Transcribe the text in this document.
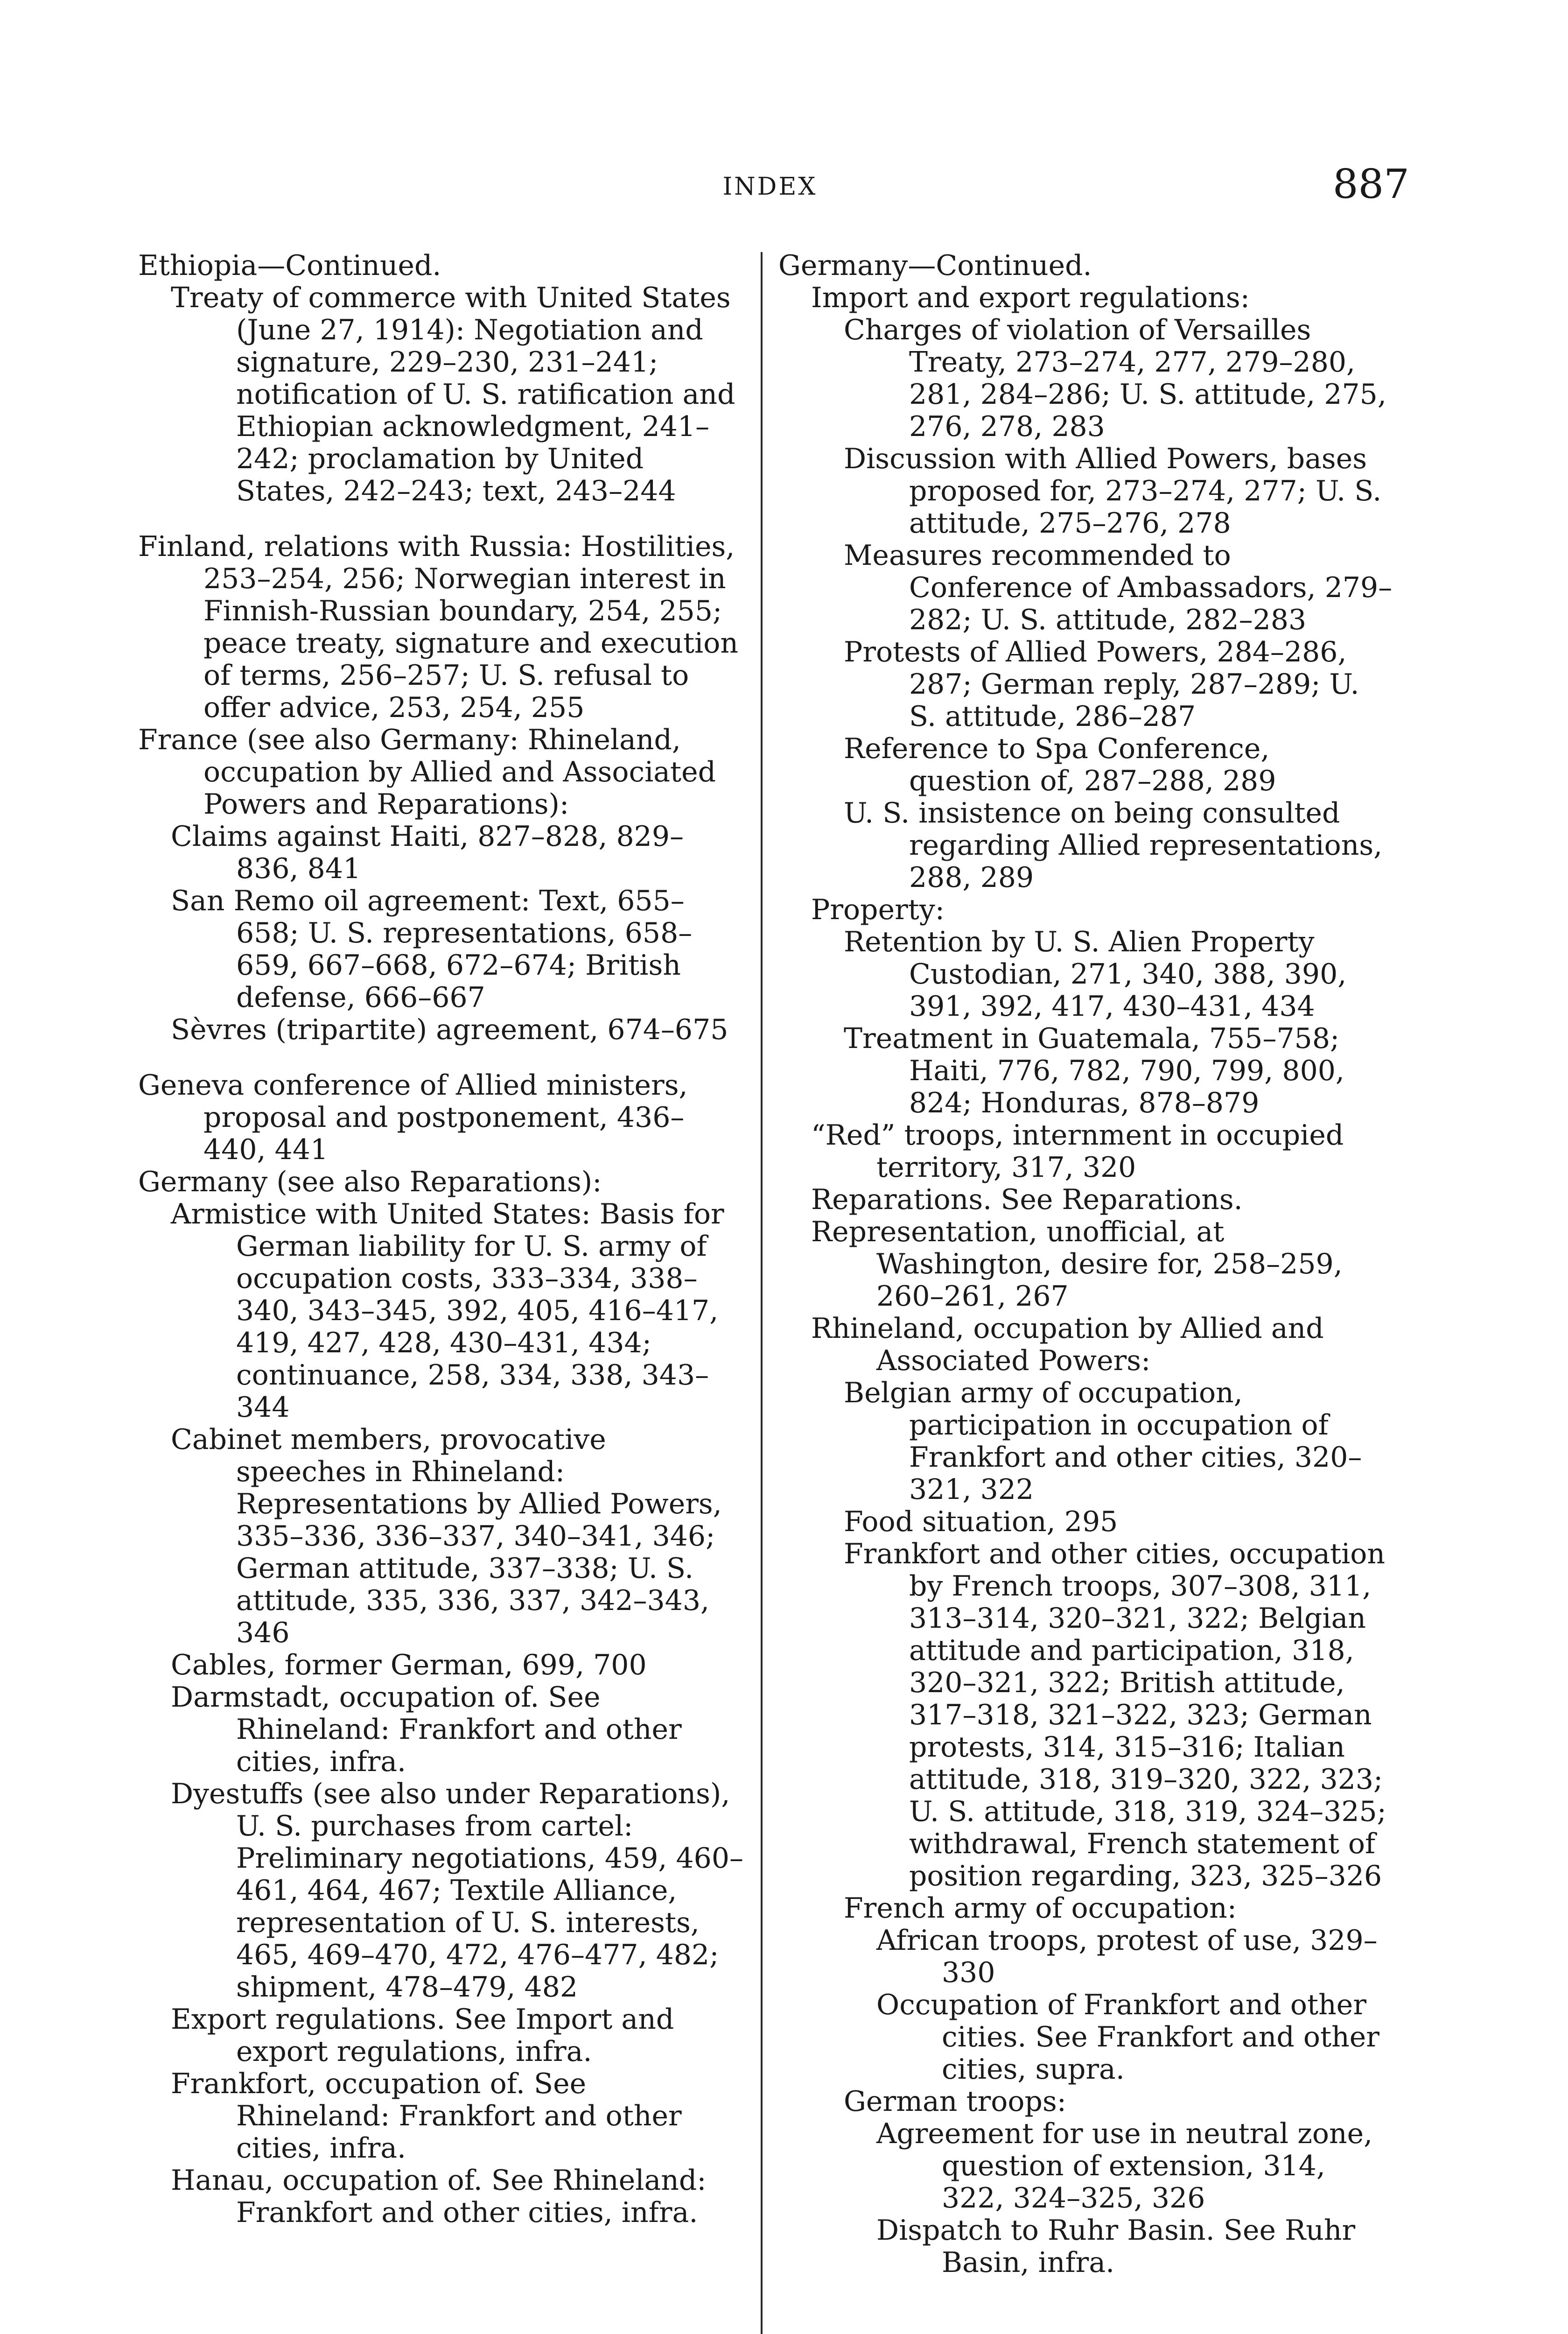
INDEX	887

Ethiopia—Continued.

Treaty of commerce with United States (June 27, 1914): Negotiation and signature, 229–230, 231–241; notification of U. S. ratification and Ethiopian acknowledgment, 241–242; proclamation by United States, 242–243; text, 243–244

Finland, relations with Russia: Hostilities, 253–254, 256; Norwegian interest in Finnish-Russian boundary, 254, 255; peace treaty, signature and execution of terms, 256–257; U. S. refusal to offer advice, 253, 254, 255

France (see also Germany: Rhineland, occupation by Allied and Associated Powers and Reparations):

Claims against Haiti, 827–828, 829–836, 841

San Remo oil agreement: Text, 655–658; U. S. representations, 658–659, 667–668, 672–674; British defense, 666–667

Sèvres (tripartite) agreement, 674–675

Geneva conference of Allied ministers, proposal and postponement, 436–440, 441

Germany (see also Reparations):

Armistice with United States: Basis for German liability for U. S. army of occupation costs, 333–334, 338–340, 343–345, 392, 405, 416–417, 419, 427, 428, 430–431, 434; continuance, 258, 334, 338, 343–344

Cabinet members, provocative speeches in Rhineland: Representations by Allied Powers, 335–336, 336–337, 340–341, 346; German attitude, 337–338; U. S. attitude, 335, 336, 337, 342–343, 346

Cables, former German, 699, 700

Darmstadt, occupation of. See Rhineland: Frankfort and other cities, infra.

Dyestuffs (see also under Reparations), U. S. purchases from cartel: Preliminary negotiations, 459, 460–461, 464, 467; Textile Alliance, representation of U. S. interests, 465, 469–470, 472, 476–477, 482; shipment, 478–479, 482

Export regulations. See Import and export regulations, infra.

Frankfort, occupation of. See Rhineland: Frankfort and other cities, infra.

Hanau, occupation of. See Rhineland: Frankfort and other cities, infra.

Germany—Continued.

Import and export regulations:

Charges of violation of Versailles Treaty, 273–274, 277, 279–280, 281, 284–286; U. S. attitude, 275, 276, 278, 283

Discussion with Allied Powers, bases proposed for, 273–274, 277; U. S. attitude, 275–276, 278

Measures recommended to Conference of Ambassadors, 279–282; U. S. attitude, 282–283

Protests of Allied Powers, 284–286, 287; German reply, 287–289; U. S. attitude, 286–287

Reference to Spa Conference, question of, 287–288, 289

U. S. insistence on being consulted regarding Allied representations, 288, 289

Property:

Retention by U. S. Alien Property Custodian, 271, 340, 388, 390, 391, 392, 417, 430–431, 434

Treatment in Guatemala, 755–758; Haiti, 776, 782, 790, 799, 800, 824; Honduras, 878–879

“Red” troops, internment in occupied territory, 317, 320

Reparations. See Reparations.

Representation, unofficial, at Washington, desire for, 258–259, 260–261, 267

Rhineland, occupation by Allied and Associated Powers:

Belgian army of occupation, participation in occupation of Frankfort and other cities, 320–321, 322

Food situation, 295

Frankfort and other cities, occupation by French troops, 307–308, 311, 313–314, 320–321, 322; Belgian attitude and participation, 318, 320–321, 322; British attitude, 317–318, 321–322, 323; German protests, 314, 315–316; Italian attitude, 318, 319–320, 322, 323; U. S. attitude, 318, 319, 324–325; withdrawal, French statement of position regarding, 323, 325–326

French army of occupation:

African troops, protest of use, 329–330

Occupation of Frankfort and other cities. See Frankfort and other cities, supra.

German troops:

Agreement for use in neutral zone, question of extension, 314, 322, 324–325, 326

Dispatch to Ruhr Basin. See Ruhr Basin, infra.
